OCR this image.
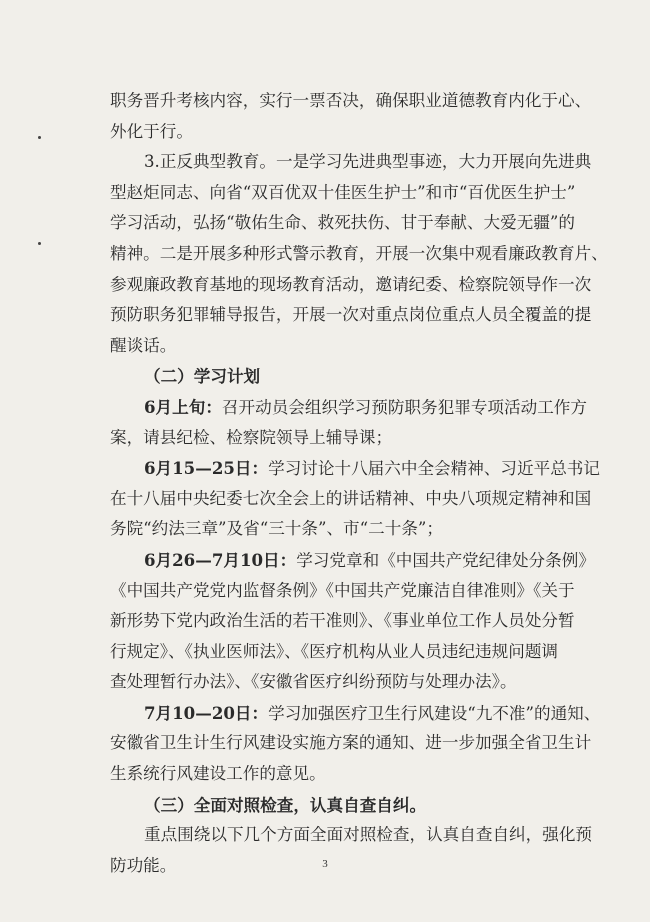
职务晋升考核内容，实行一票否决，确保职业道德教育内化于心、
外化于行。
3.正反典型教育。一是学习先进典型事迹，大力开展向先进典
型赵炬同志、向省“双百优双十佳医生护士”和市“百优医生护士”
学习活动，弘扬“敬佑生命、救死扶伤、甘于奉献、大爱无疆”的
精神。二是开展多种形式警示教育，开展一次集中观看廉政教育片、
参观廉政教育基地的现场教育活动，邀请纪委、检察院领导作一次
预防职务犯罪辅导报告，开展一次对重点岗位重点人员全覆盖的提
醒谈话。
（二）学习计划
6月上旬：召开动员会组织学习预防职务犯罪专项活动工作方
案，请县纪检、检察院领导上辅导课；
6月15—25日：学习讨论十八届六中全会精神、习近平总书记
在十八届中央纪委七次全会上的讲话精神、中央八项规定精神和国
务院“约法三章”及省“三十条”、市“二十条”；
6月26—7月10日：学习党章和《中国共产党纪律处分条例》
《中国共产党党内监督条例》《中国共产党廉洁自律准则》《关于
新形势下党内政治生活的若干准则》、《事业单位工作人员处分暂
行规定》、《执业医师法》、《医疗机构从业人员违纪违规问题调
查处理暂行办法》、《安徽省医疗纠纷预防与处理办法》。
7月10—20日：学习加强医疗卫生行风建设“九不准”的通知、
安徽省卫生计生行风建设实施方案的通知、进一步加强全省卫生计
生系统行风建设工作的意见。
（三）全面对照检查，认真自查自纠。
重点围绕以下几个方面全面对照检查，认真自查自纠，强化预
防功能。	3
